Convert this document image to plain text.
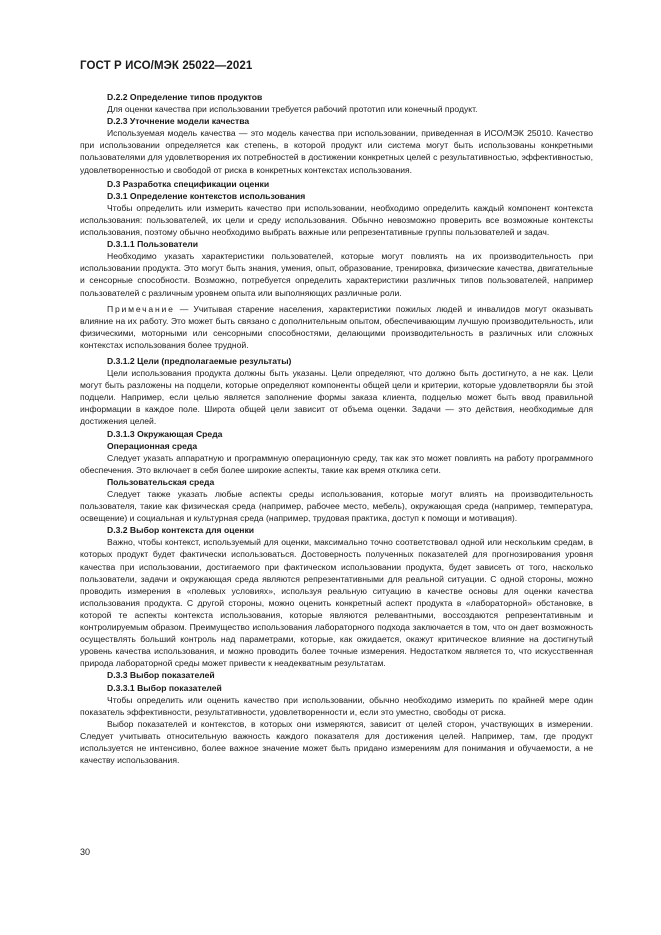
ГОСТ Р ИСО/МЭК 25022—2021
D.2.2 Определение типов продуктов

Для оценки качества при использовании требуется рабочий прототип или конечный продукт.

D.2.3 Уточнение модели качества

Используемая модель качества — это модель качества при использовании, приведенная в ИСО/МЭК 25010. Качество при использовании определяется как степень, в которой продукт или система могут быть использованы конкретными пользователями для удовлетворения их потребностей в достижении конкретных целей с результативностью, эффективностью, удовлетворенностью и свободой от риска в конкретных контекстах использования.

D.3 Разработка спецификации оценки
D.3.1 Определение контекстов использования

Чтобы определить или измерить качество при использовании, необходимо определить каждый компонент контекста использования: пользователей, их цели и среду использования. Обычно невозможно проверить все возможные контексты использования, поэтому обычно необходимо выбрать важные или репрезентативные группы пользователей и задач.

D.3.1.1 Пользователи

Необходимо указать характеристики пользователей, которые могут повлиять на их производительность при использовании продукта. Это могут быть знания, умения, опыт, образование, тренировка, физические качества, двигательные и сенсорные способности. Возможно, потребуется определить характеристики различных типов пользователей, например пользователей с различным уровнем опыта или выполняющих различные роли.

Примечание — Учитывая старение населения, характеристики пожилых людей и инвалидов могут оказывать влияние на их работу. Это может быть связано с дополнительным опытом, обеспечивающим лучшую производительность, или физическими, моторными или сенсорными способностями, делающими производительность в различных или сложных контекстах использования более трудной.

D.3.1.2 Цели (предполагаемые результаты)

Цели использования продукта должны быть указаны. Цели определяют, что должно быть достигнуто, а не как. Цели могут быть разложены на подцели, которые определяют компоненты общей цели и критерии, которые удовлетворяли бы этой подцели. Например, если целью является заполнение формы заказа клиента, подцелью может быть ввод правильной информации в каждое поле. Широта общей цели зависит от объема оценки. Задачи — это действия, необходимые для достижения целей.

D.3.1.3 Окружающая Среда
Операционная среда

Следует указать аппаратную и программную операционную среду, так как это может повлиять на работу программного обеспечения. Это включает в себя более широкие аспекты, такие как время отклика сети.

Пользовательская среда

Следует также указать любые аспекты среды использования, которые могут влиять на производительность пользователя, такие как физическая среда (например, рабочее место, мебель), окружающая среда (например, температура, освещение) и социальная и культурная среда (например, трудовая практика, доступ к помощи и мотивация).

D.3.2 Выбор контекста для оценки

Важно, чтобы контекст, используемый для оценки, максимально точно соответствовал одной или нескольким средам, в которых продукт будет фактически использоваться. Достоверность полученных показателей для прогнозирования уровня качества при использовании, достигаемого при фактическом использовании продукта, будет зависеть от того, насколько пользователи, задачи и окружающая среда являются репрезентативными для реальной ситуации. С одной стороны, можно проводить измерения в «полевых условиях», используя реальную ситуацию в качестве основы для оценки качества использования продукта. С другой стороны, можно оценить конкретный аспект продукта в «лабораторной» обстановке, в которой те аспекты контекста использования, которые являются релевантными, воссоздаются репрезентативным и контролируемым образом. Преимущество использования лабораторного подхода заключается в том, что он дает возможность осуществлять больший контроль над параметрами, которые, как ожидается, окажут критическое влияние на достигнутый уровень качества использования, и можно проводить более точные измерения. Недостатком является то, что искусственная природа лабораторной среды может привести к неадекватным результатам.

D.3.3 Выбор показателей
D.3.3.1 Выбор показателей

Чтобы определить или оценить качество при использовании, обычно необходимо измерить по крайней мере один показатель эффективности, результативности, удовлетворенности и, если это уместно, свободы от риска.

Выбор показателей и контекстов, в которых они измеряются, зависит от целей сторон, участвующих в измерении. Следует учитывать относительную важность каждого показателя для достижения целей. Например, там, где продукт используется не интенсивно, более важное значение может быть придано измерениям для понимания и обучаемости, а не качеству использования.

30
